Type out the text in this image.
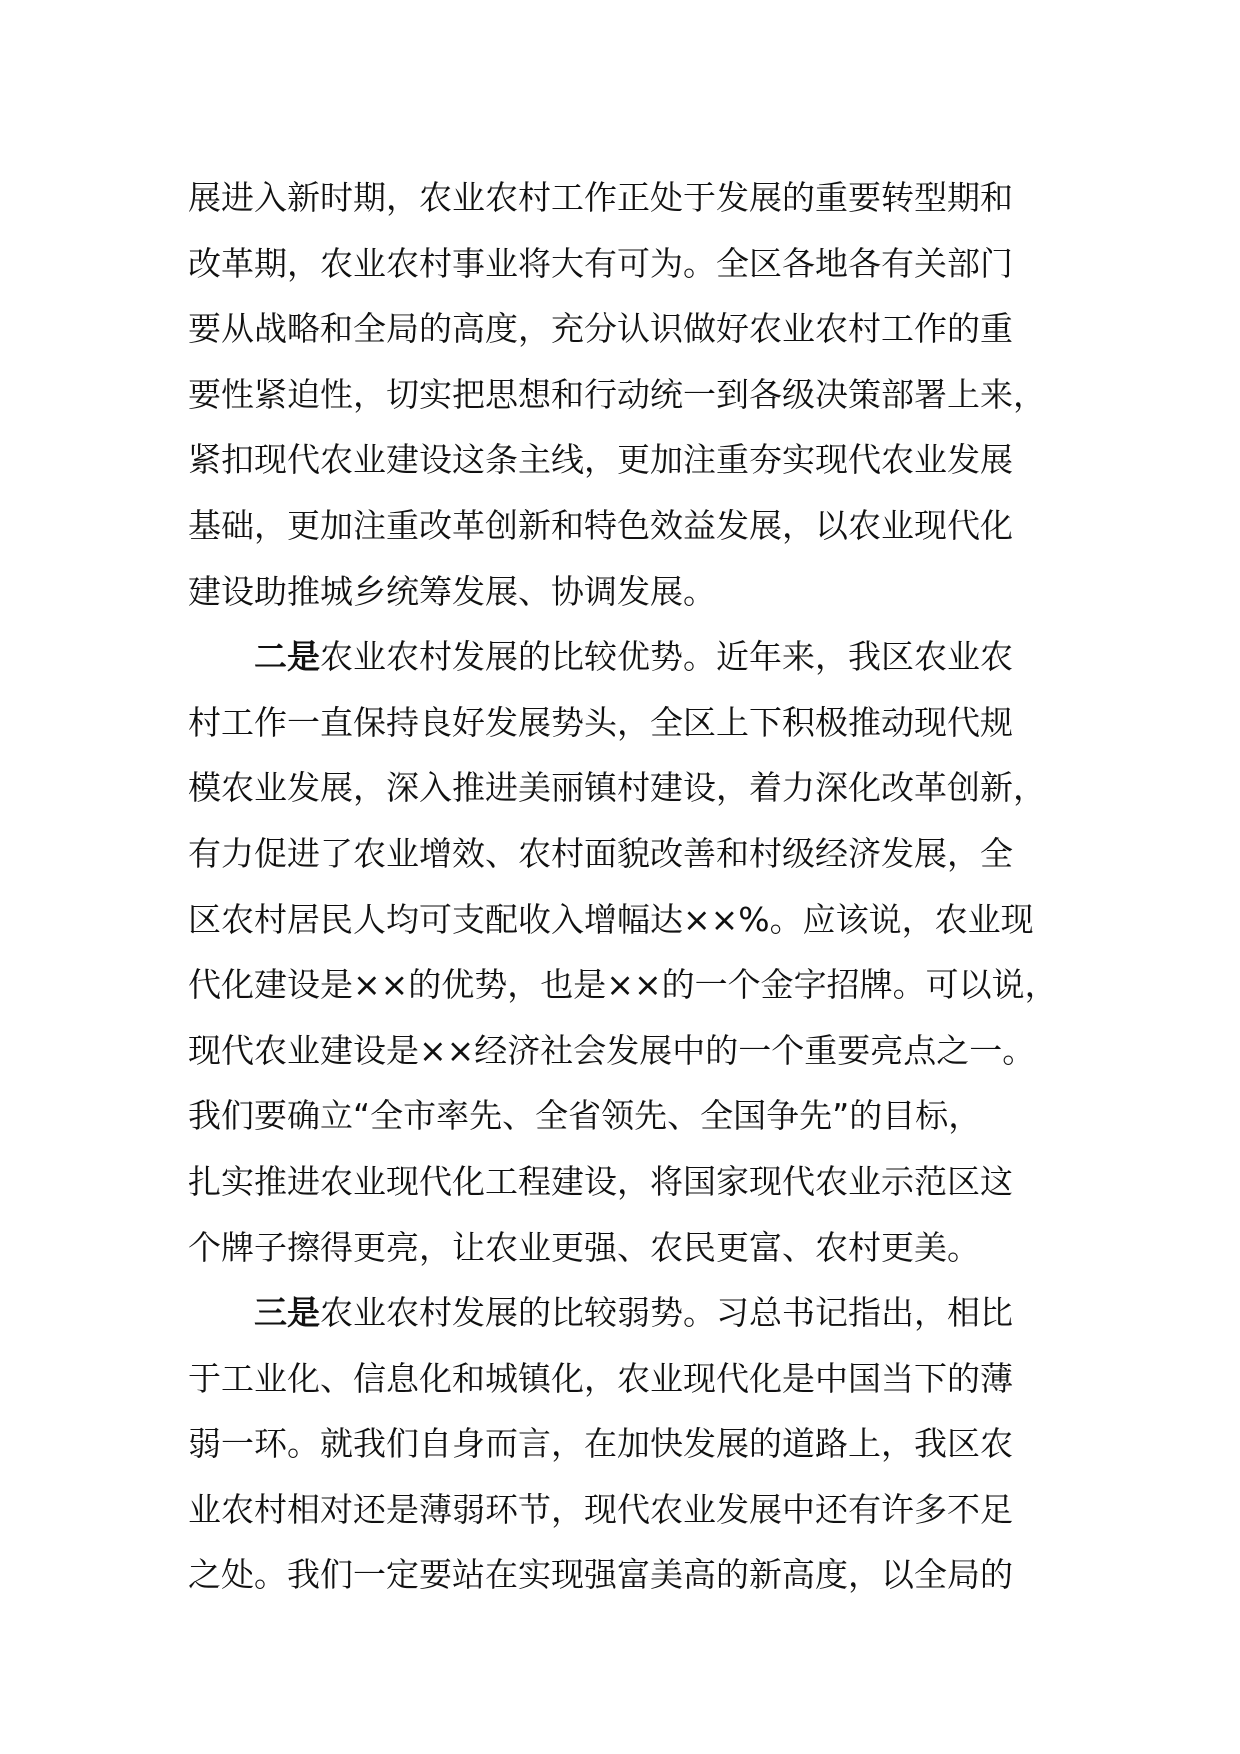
展进入新时期，农业农村工作正处于发展的重要转型期和
改革期，农业农村事业将大有可为。全区各地各有关部门
要从战略和全局的高度，充分认识做好农业农村工作的重
要性紧迫性，切实把思想和行动统一到各级决策部署上来，
紧扣现代农业建设这条主线，更加注重夯实现代农业发展
基础，更加注重改革创新和特色效益发展，以农业现代化
建设助推城乡统筹发展、协调发展。
二是农业农村发展的比较优势。近年来，我区农业农
村工作一直保持良好发展势头，全区上下积极推动现代规
模农业发展，深入推进美丽镇村建设，着力深化改革创新，
有力促进了农业增效、农村面貌改善和村级经济发展，全
区农村居民人均可支配收入增幅达××%。应该说，农业现
代化建设是××的优势，也是××的一个金字招牌。可以说，
现代农业建设是××经济社会发展中的一个重要亮点之一。
我们要确立“全市率先、全省领先、全国争先”的目标，
扎实推进农业现代化工程建设，将国家现代农业示范区这
个牌子擦得更亮，让农业更强、农民更富、农村更美。
三是农业农村发展的比较弱势。习总书记指出，相比
于工业化、信息化和城镇化，农业现代化是中国当下的薄
弱一环。就我们自身而言，在加快发展的道路上，我区农
业农村相对还是薄弱环节，现代农业发展中还有许多不足
之处。我们一定要站在实现强富美高的新高度，以全局的
